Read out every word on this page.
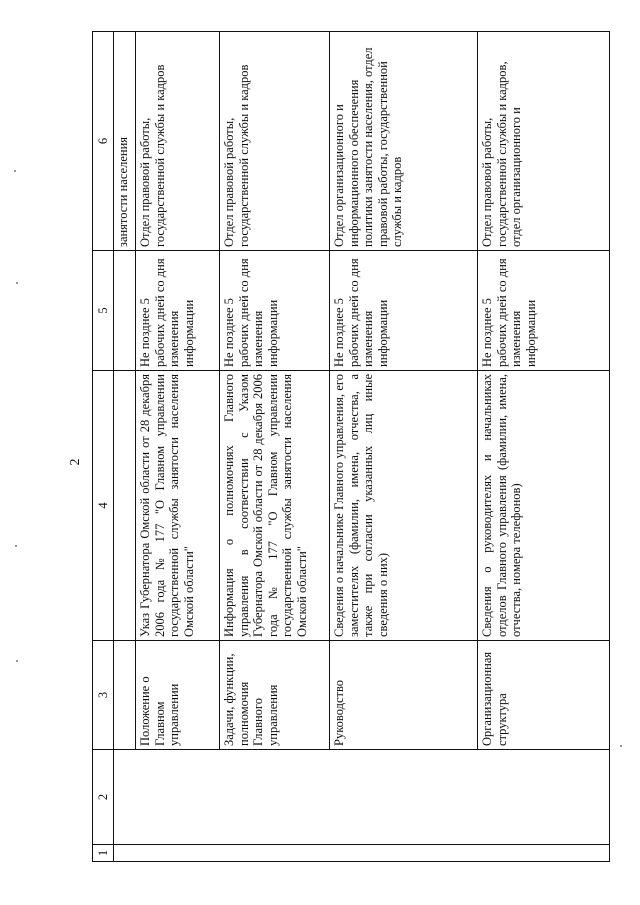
2
1	2	3	4	5	6
					занятости населения
		Положение о Главном управлении	Указ Губернатора Омской области от 28 декабря 2006 года № 177 "О Главном управлении государственной службы занятости населения Омской области"	Не позднее 5 рабочих дней со дня изменения информации	Отдел правовой работы, государственной службы и кадров
		Задачи, функции, полномочия Главного управления	Информация о полномочиях Главного управления в соответствии с Указом Губернатора Омской области от 28 декабря 2006 года № 177 "О Главном управлении государственной службы занятости населения Омской области"	Не позднее 5 рабочих дней со дня изменения информации	Отдел правовой работы, государственной службы и кадров
		Руководство	Сведения о начальнике Главного управления, его заместителях (фамилии, имена, отчества, а также при согласии указанных лиц иные сведения о них)	Не позднее 5 рабочих дней со дня изменения информации	Отдел организационного и информационного обеспечения политики занятости населения, отдел правовой работы, государственной службы и кадров
		Организационная структура	Сведения о руководителях и начальниках отделов Главного управления (фамилии, имена, отчества, номера телефонов)	Не позднее 5 рабочих дней со дня изменения информации	Отдел правовой работы, государственной службы и кадров, отдел организационного и
